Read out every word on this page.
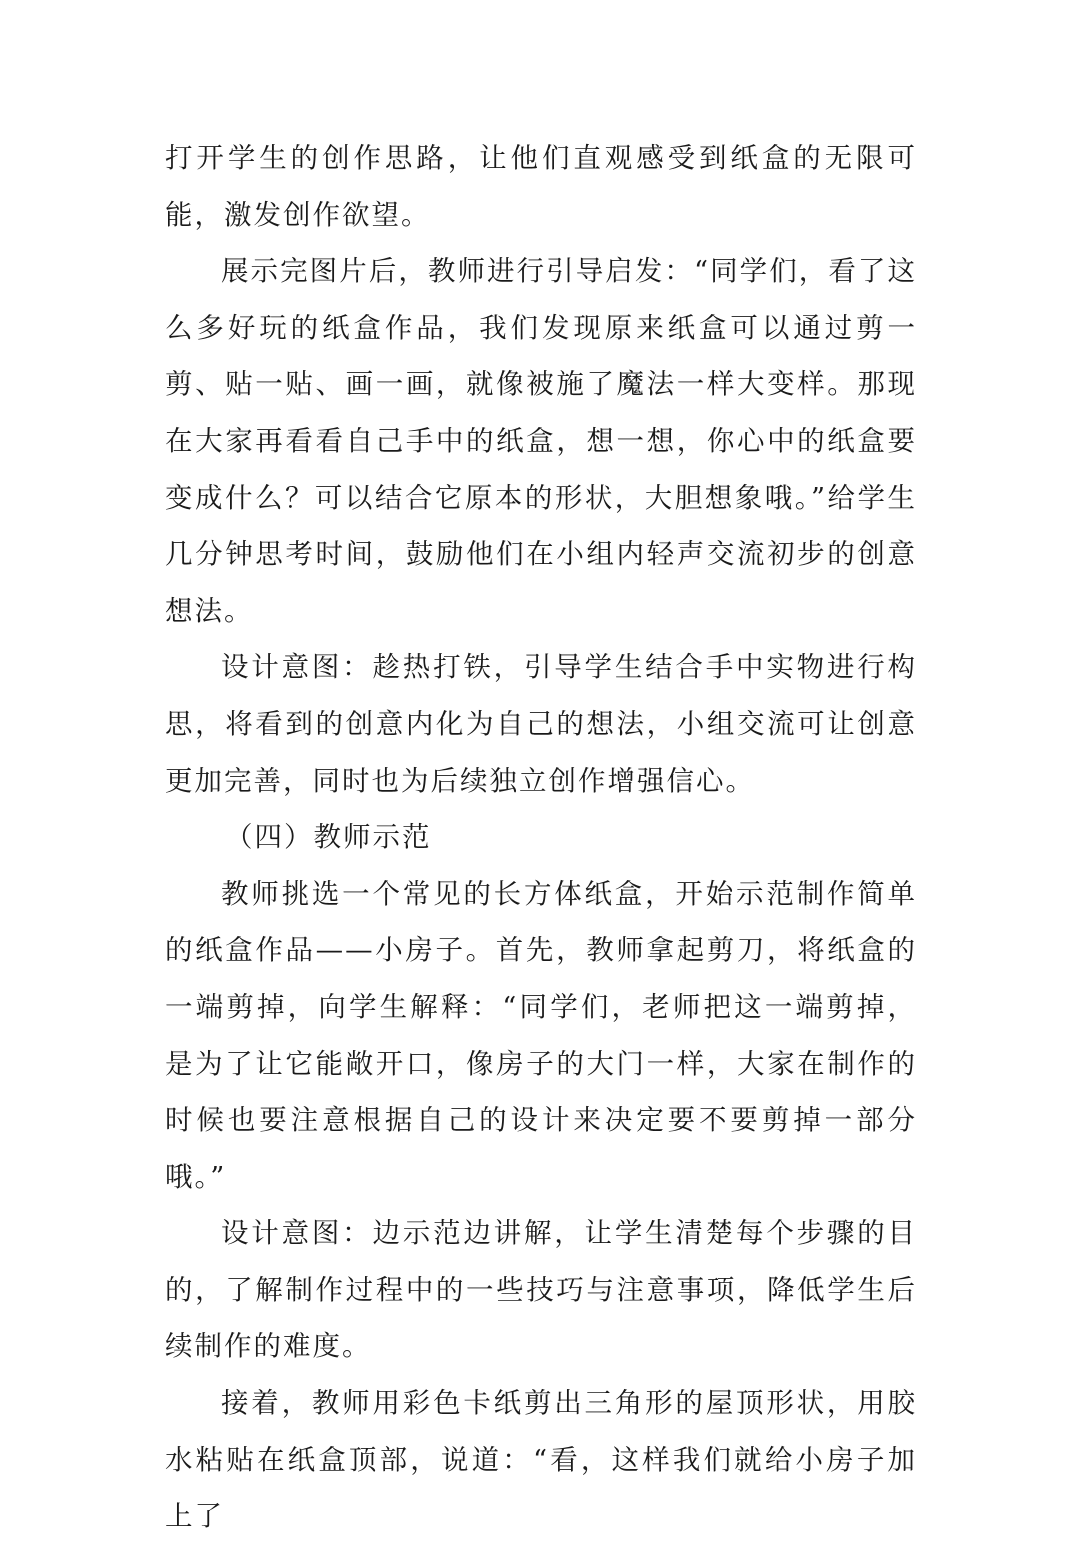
打开学生的创作思路，让他们直观感受到纸盒的无限可能，激发创作欲望。

展示完图片后，教师进行引导启发：“同学们，看了这么多好玩的纸盒作品，我们发现原来纸盒可以通过剪一剪、贴一贴、画一画，就像被施了魔法一样大变样。那现在大家再看看自己手中的纸盒，想一想，你心中的纸盒要变成什么？可以结合它原本的形状，大胆想象哦。”给学生几分钟思考时间，鼓励他们在小组内轻声交流初步的创意想法。

设计意图：趁热打铁，引导学生结合手中实物进行构思，将看到的创意内化为自己的想法，小组交流可让创意更加完善，同时也为后续独立创作增强信心。

（四）教师示范

教师挑选一个常见的长方体纸盒，开始示范制作简单的纸盒作品——小房子。首先，教师拿起剪刀，将纸盒的一端剪掉，向学生解释：“同学们，老师把这一端剪掉，是为了让它能敞开口，像房子的大门一样，大家在制作的时候也要注意根据自己的设计来决定要不要剪掉一部分哦。”

设计意图：边示范边讲解，让学生清楚每个步骤的目的，了解制作过程中的一些技巧与注意事项，降低学生后续制作的难度。

接着，教师用彩色卡纸剪出三角形的屋顶形状，用胶水粘贴在纸盒顶部，说道：“看，这样我们就给小房子加上了
